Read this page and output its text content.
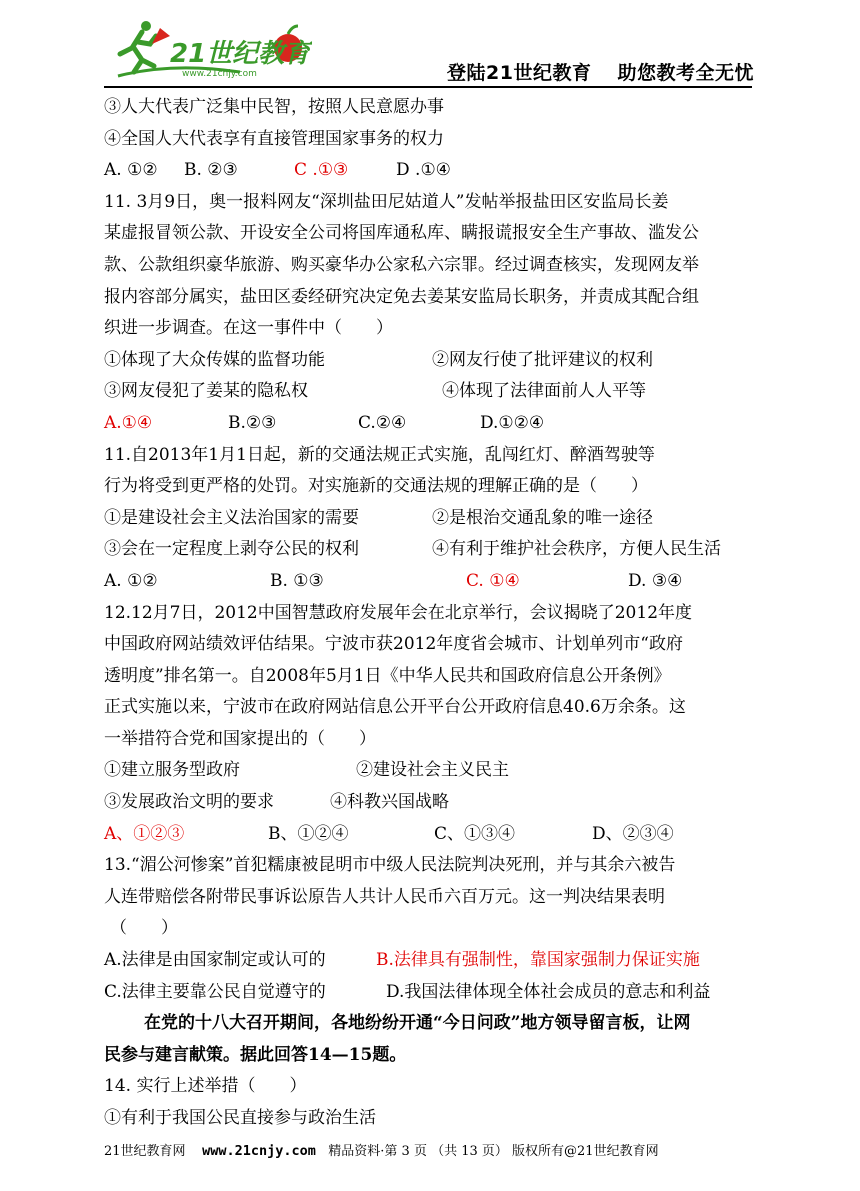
21世纪教育
www.21cnjy.com	登陆21世纪教育 助您教考全无忧
③人大代表广泛集中民智，按照人民意愿办事
④全国人大代表享有直接管理国家事务的权力
A. ①② B. ②③	C .①③	D .①④
11. 3月9日，奥一报料网友“深圳盐田尼姑道人”发帖举报盐田区安监局长姜
某虚报冒领公款、开设安全公司将国库通私库、瞒报谎报安全生产事故、滥发公
款、公款组织豪华旅游、购买豪华办公家私六宗罪。经过调查核实，发现网友举
报内容部分属实，盐田区委经研究决定免去姜某安监局长职务，并责成其配合组
织进一步调查。在这一事件中（　　）
①体现了大众传媒的监督功能	②网友行使了批评建议的权利
③网友侵犯了姜某的隐私权	④体现了法律面前人人平等
A.①④	B.②③	C.②④	D.①②④
11.自2013年1月1日起，新的交通法规正式实施，乱闯红灯、醉酒驾驶等
行为将受到更严格的处罚。对实施新的交通法规的理解正确的是（　　）
①是建设社会主义法治国家的需要	②是根治交通乱象的唯一途径
③会在一定程度上剥夺公民的权利	④有利于维护社会秩序，方便人民生活
A. ①②	B. ①③	C. ①④	D. ③④
12.12月7日，2012中国智慧政府发展年会在北京举行，会议揭晓了2012年度
中国政府网站绩效评估结果。宁波市获2012年度省会城市、计划单列市“政府
透明度”排名第一。自2008年5月1日《中华人民共和国政府信息公开条例》
正式实施以来，宁波市在政府网站信息公开平台公开政府信息40.6万余条。这
一举措符合党和国家提出的（　　）
①建立服务型政府	②建设社会主义民主
③发展政治文明的要求	④科教兴国战略
A、①②③	B、①②④	C、①③④	D、②③④
13.“湄公河惨案”首犯糯康被昆明市中级人民法院判决死刑，并与其余六被告
人连带赔偿各附带民事诉讼原告人共计人民币六百万元。这一判决结果表明
（　　）
A.法律是由国家制定或认可的	B.法律具有强制性，靠国家强制力保证实施
C.法律主要靠公民自觉遵守的	D.我国法律体现全体社会成员的意志和利益
在党的十八大召开期间，各地纷纷开通“今日问政”地方领导留言板，让网
民参与建言献策。据此回答14—15题。
14. 实行上述举措（　　）
①有利于我国公民直接参与政治生活
21世纪教育网 www.21cnjy.com 精品资料·第 3 页 （共 13 页） 版权所有@21世纪教育网
